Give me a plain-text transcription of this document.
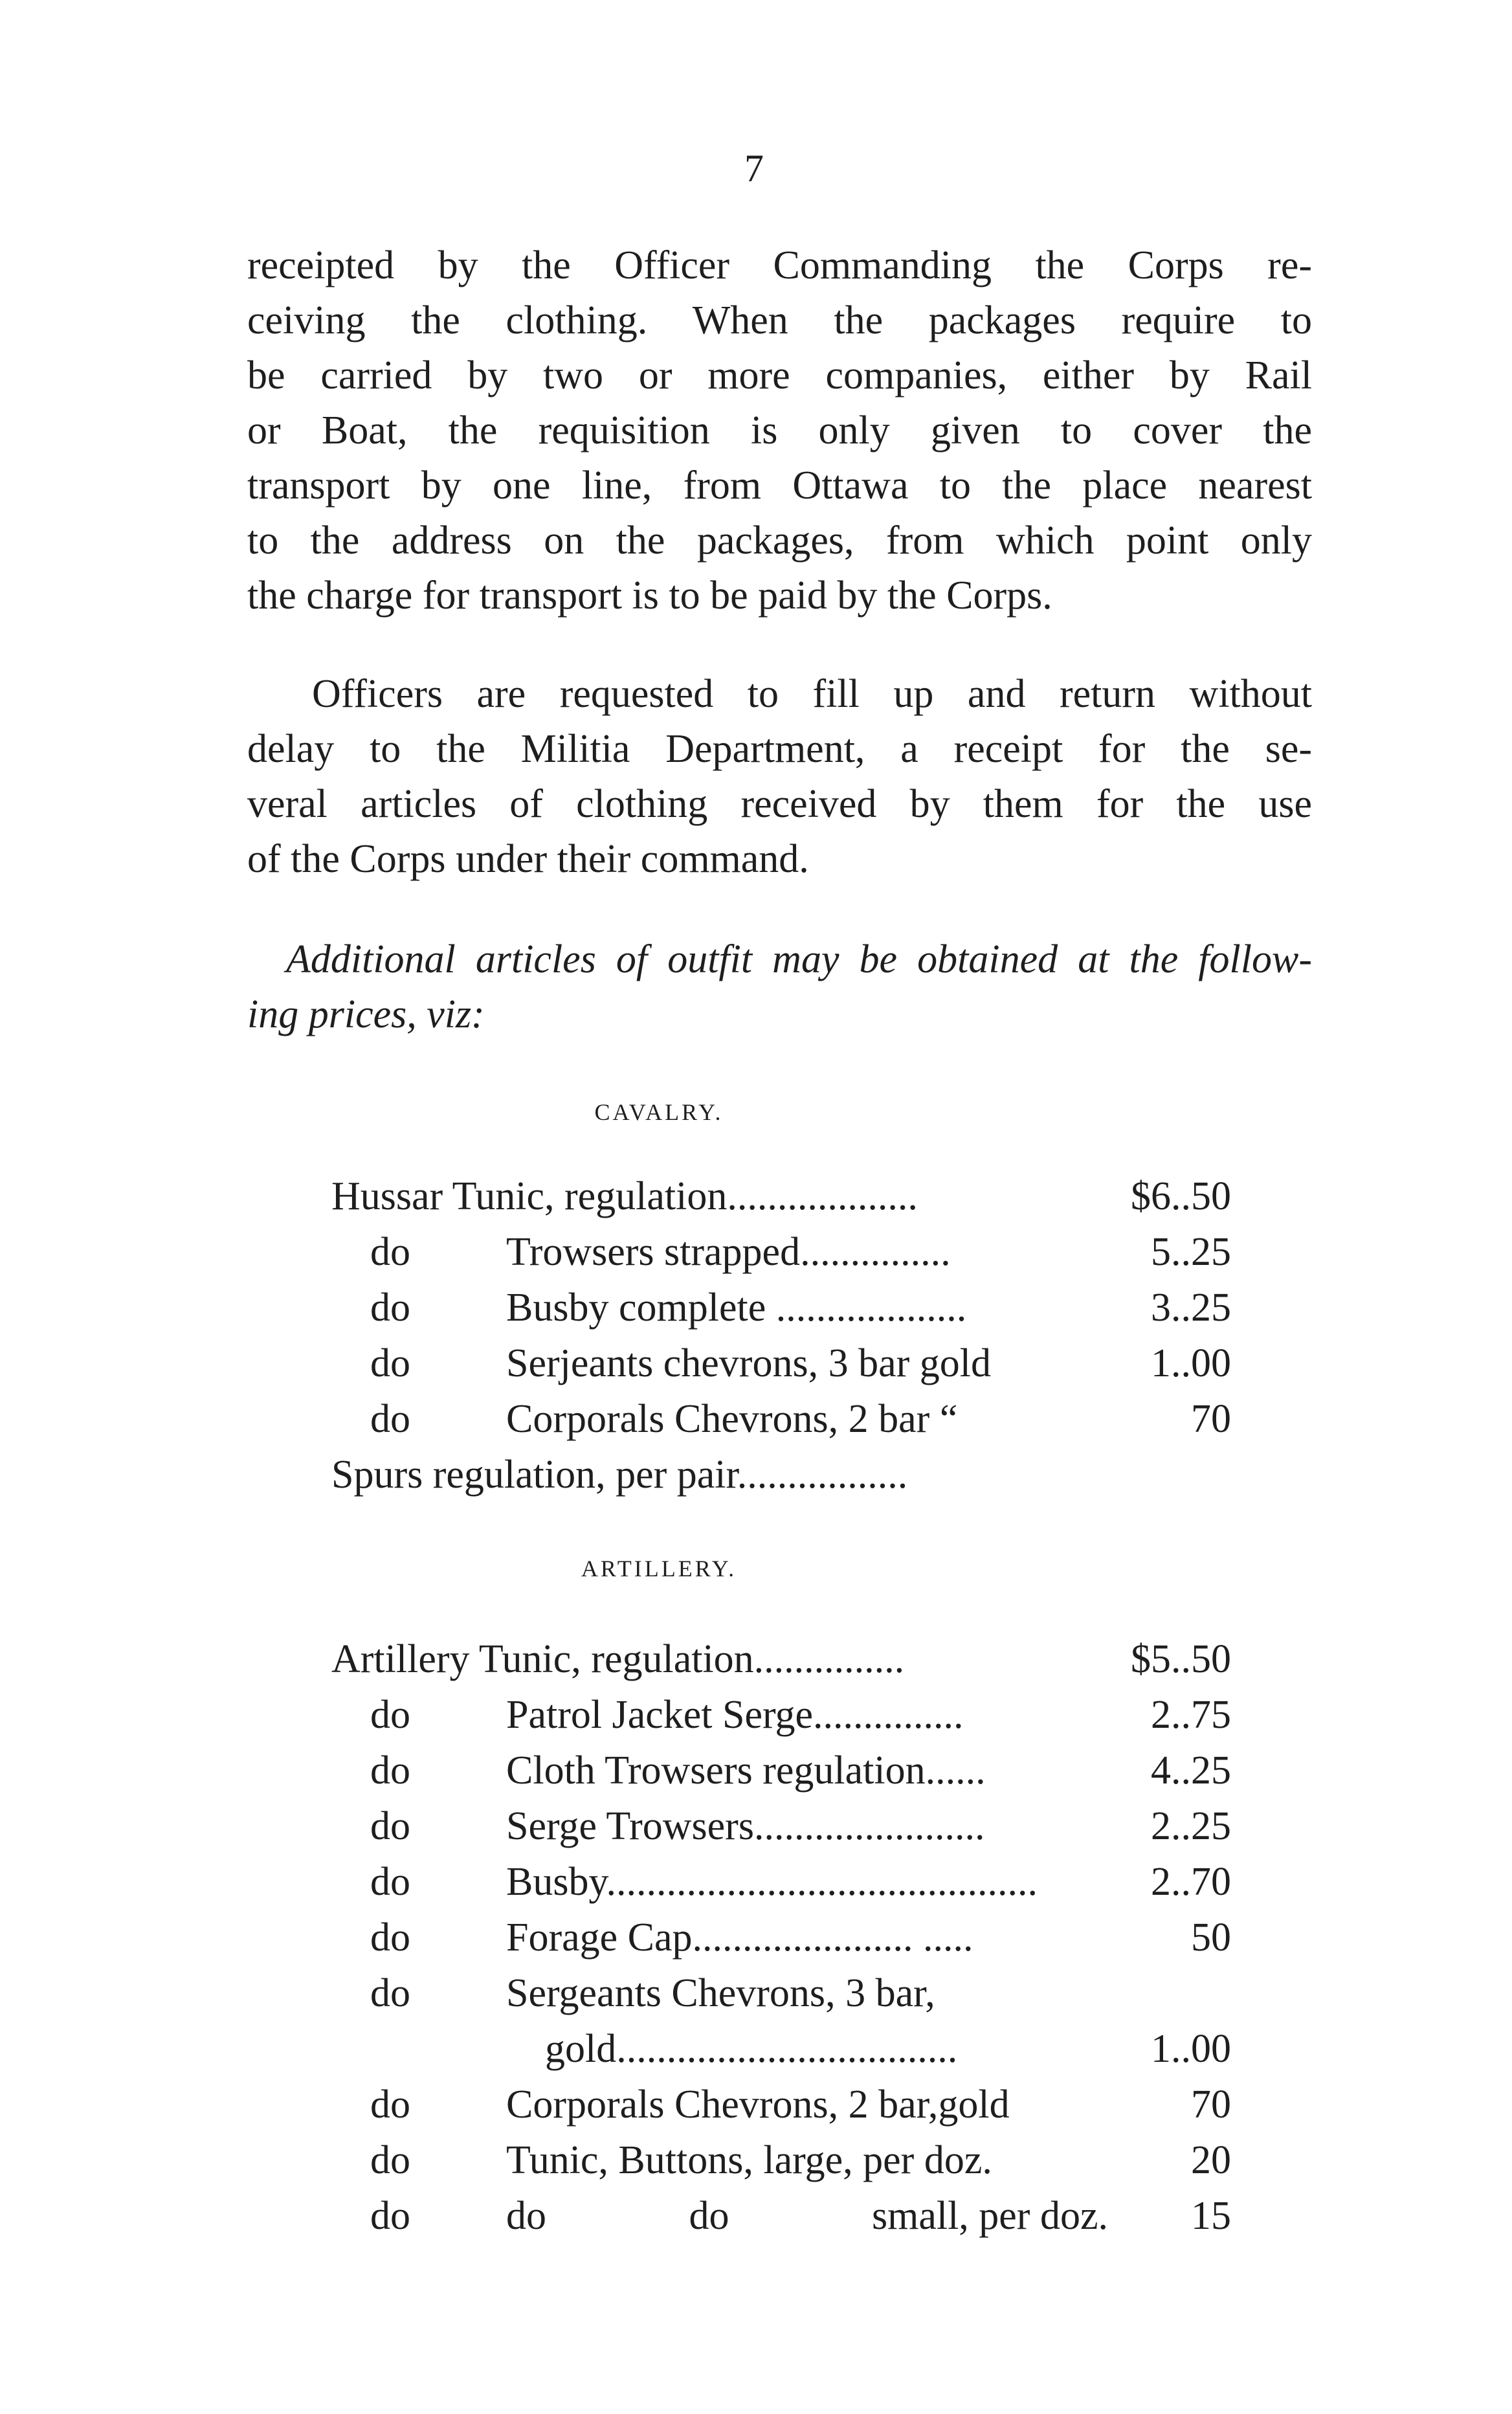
7

receipted by the Officer Commanding the Corps re-
ceiving the clothing. When the packages require to
be carried by two or more companies, either by Rail
or Boat, the requisition is only given to cover the
transport by one line, from Ottawa to the place nearest
to the address on the packages, from which point only
the charge for transport is to be paid by the Corps.

Officers are requested to fill up and return without
delay to the Militia Department, a receipt for the se-
veral articles of clothing received by them for the use
of the Corps under their command.

Additional articles of outfit may be obtained at the follow-
ing prices, viz:

CAVALRY.
Hussar Tunic, regulation...................	$6..50
do Trowsers strapped...............	5..25
do Busby complete ...................	3..25
do Serjeants chevrons, 3 bar gold	1..00
do Corporals Chevrons, 2 bar “	70
Spurs regulation, per pair.................
ARTILLERY.
Artillery Tunic, regulation...............	$5..50
do Patrol Jacket Serge...............	2..75
do Cloth Trowsers regulation......	4..25
do Serge Trowsers.......................	2..25
do Busby...........................................	2..70
do Forage Cap...................... .....	50
do Sergeants Chevrons, 3 bar,
gold..................................	1..00
do Corporals Chevrons, 2 bar,gold	70
do Tunic, Buttons, large, per doz.	20
do do	do	small, per doz. 15
